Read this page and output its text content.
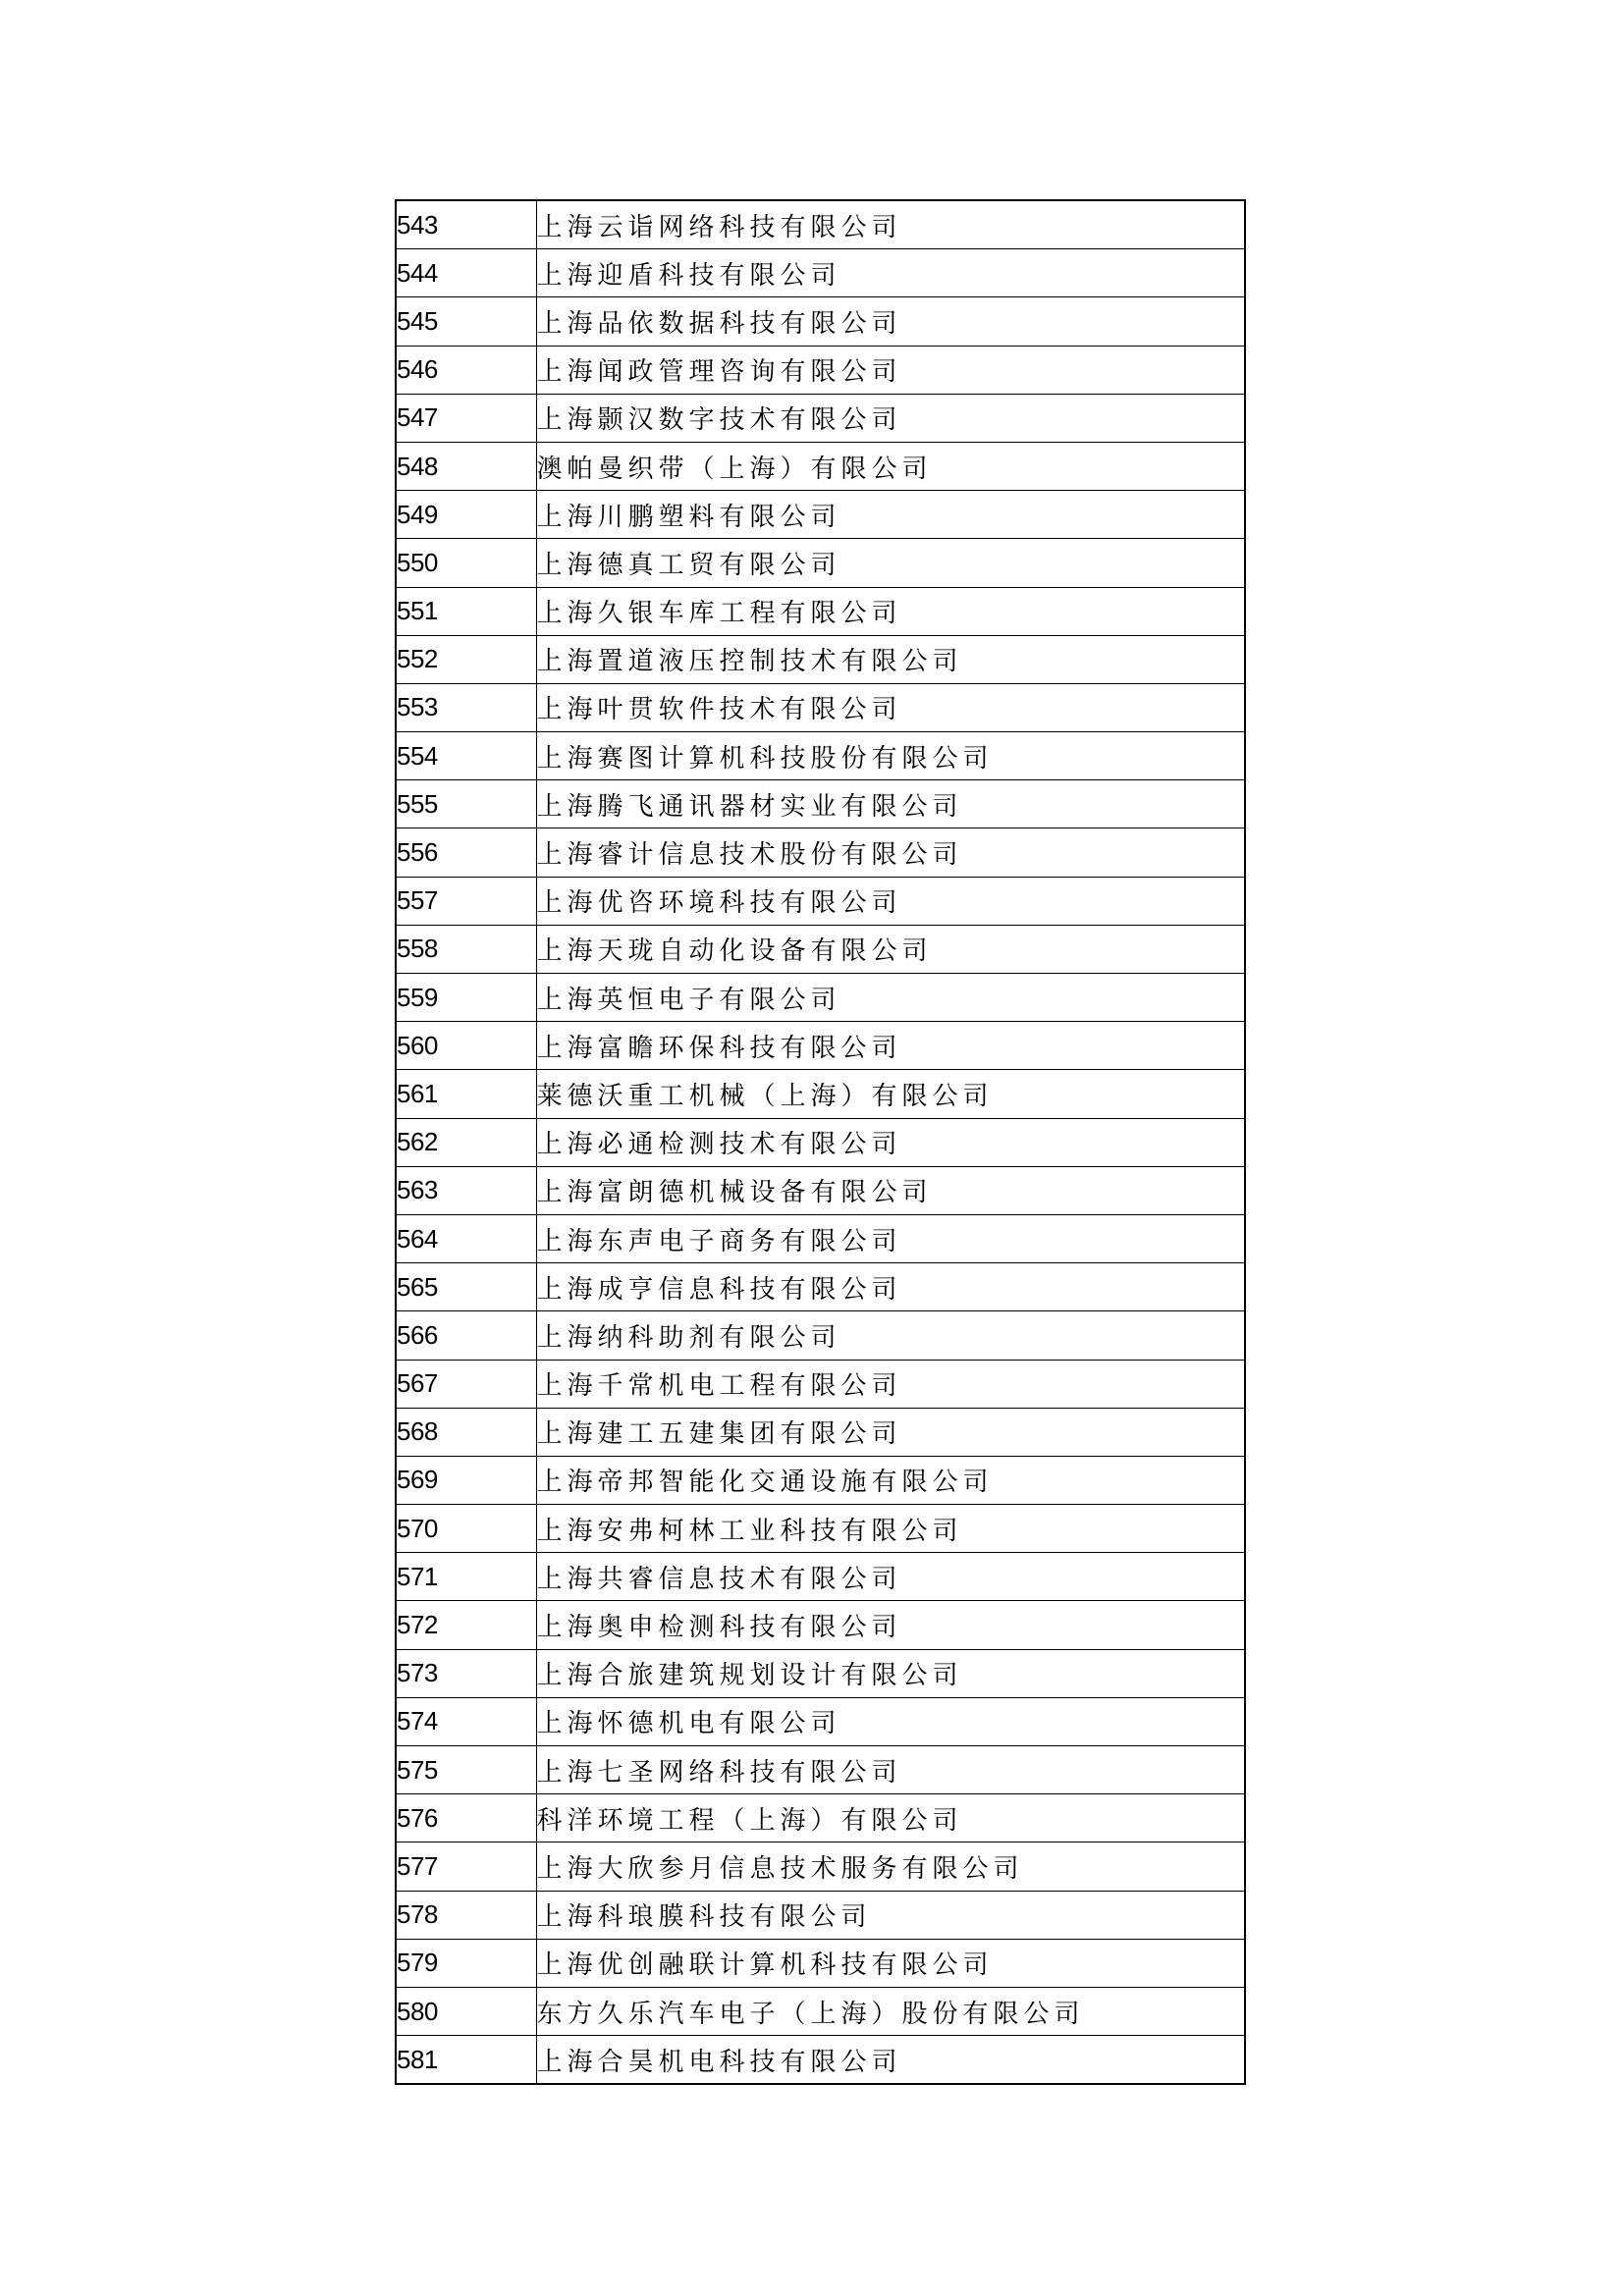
543	上海云诣网络科技有限公司
544	上海迎盾科技有限公司
545	上海品依数据科技有限公司
546	上海闻政管理咨询有限公司
547	上海颢汉数字技术有限公司
548	澳帕曼织带（上海）有限公司
549	上海川鹏塑料有限公司
550	上海德真工贸有限公司
551	上海久银车库工程有限公司
552	上海置道液压控制技术有限公司
553	上海叶贯软件技术有限公司
554	上海赛图计算机科技股份有限公司
555	上海腾飞通讯器材实业有限公司
556	上海睿计信息技术股份有限公司
557	上海优咨环境科技有限公司
558	上海天珑自动化设备有限公司
559	上海英恒电子有限公司
560	上海富瞻环保科技有限公司
561	莱德沃重工机械（上海）有限公司
562	上海必通检测技术有限公司
563	上海富朗德机械设备有限公司
564	上海东声电子商务有限公司
565	上海成亨信息科技有限公司
566	上海纳科助剂有限公司
567	上海千常机电工程有限公司
568	上海建工五建集团有限公司
569	上海帝邦智能化交通设施有限公司
570	上海安弗柯林工业科技有限公司
571	上海共睿信息技术有限公司
572	上海奥申检测科技有限公司
573	上海合旅建筑规划设计有限公司
574	上海怀德机电有限公司
575	上海七圣网络科技有限公司
576	科洋环境工程（上海）有限公司
577	上海大欣参月信息技术服务有限公司
578	上海科琅膜科技有限公司
579	上海优创融联计算机科技有限公司
580	东方久乐汽车电子（上海）股份有限公司
581	上海合昊机电科技有限公司
